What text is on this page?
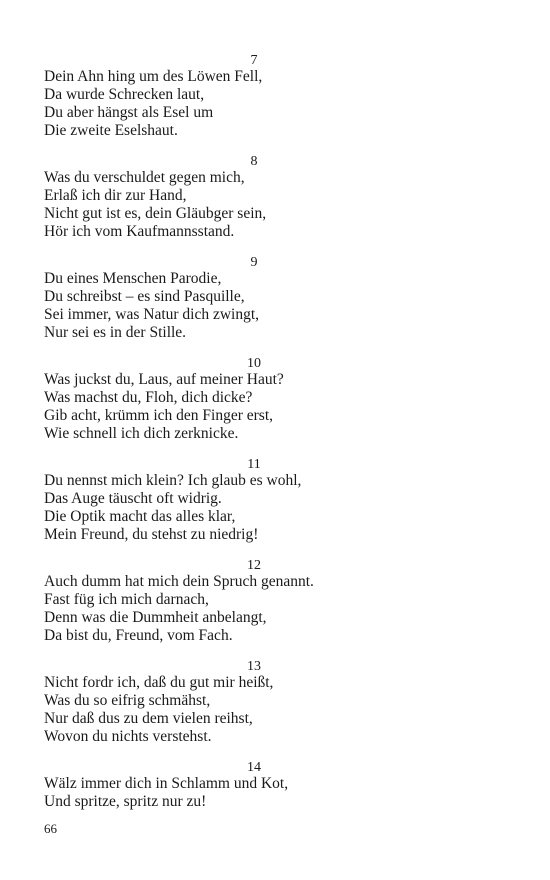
7
Dein Ahn hing um des Löwen Fell,
Da wurde Schrecken laut,
Du aber hängst als Esel um
Die zweite Eselshaut.
8
Was du verschuldet gegen mich,
Erlaß ich dir zur Hand,
Nicht gut ist es, dein Gläubger sein,
Hör ich vom Kaufmannsstand.
9
Du eines Menschen Parodie,
Du schreibst – es sind Pasquille,
Sei immer, was Natur dich zwingt,
Nur sei es in der Stille.
10
Was juckst du, Laus, auf meiner Haut?
Was machst du, Floh, dich dicke?
Gib acht, krümm ich den Finger erst,
Wie schnell ich dich zerknicke.
11
Du nennst mich klein? Ich glaub es wohl,
Das Auge täuscht oft widrig.
Die Optik macht das alles klar,
Mein Freund, du stehst zu niedrig!
12
Auch dumm hat mich dein Spruch genannt.
Fast füg ich mich darnach,
Denn was die Dummheit anbelangt,
Da bist du, Freund, vom Fach.
13
Nicht fordr ich, daß du gut mir heißt,
Was du so eifrig schmähst,
Nur daß dus zu dem vielen reihst,
Wovon du nichts verstehst.
14
Wälz immer dich in Schlamm und Kot,
Und spritze, spritz nur zu!
66
